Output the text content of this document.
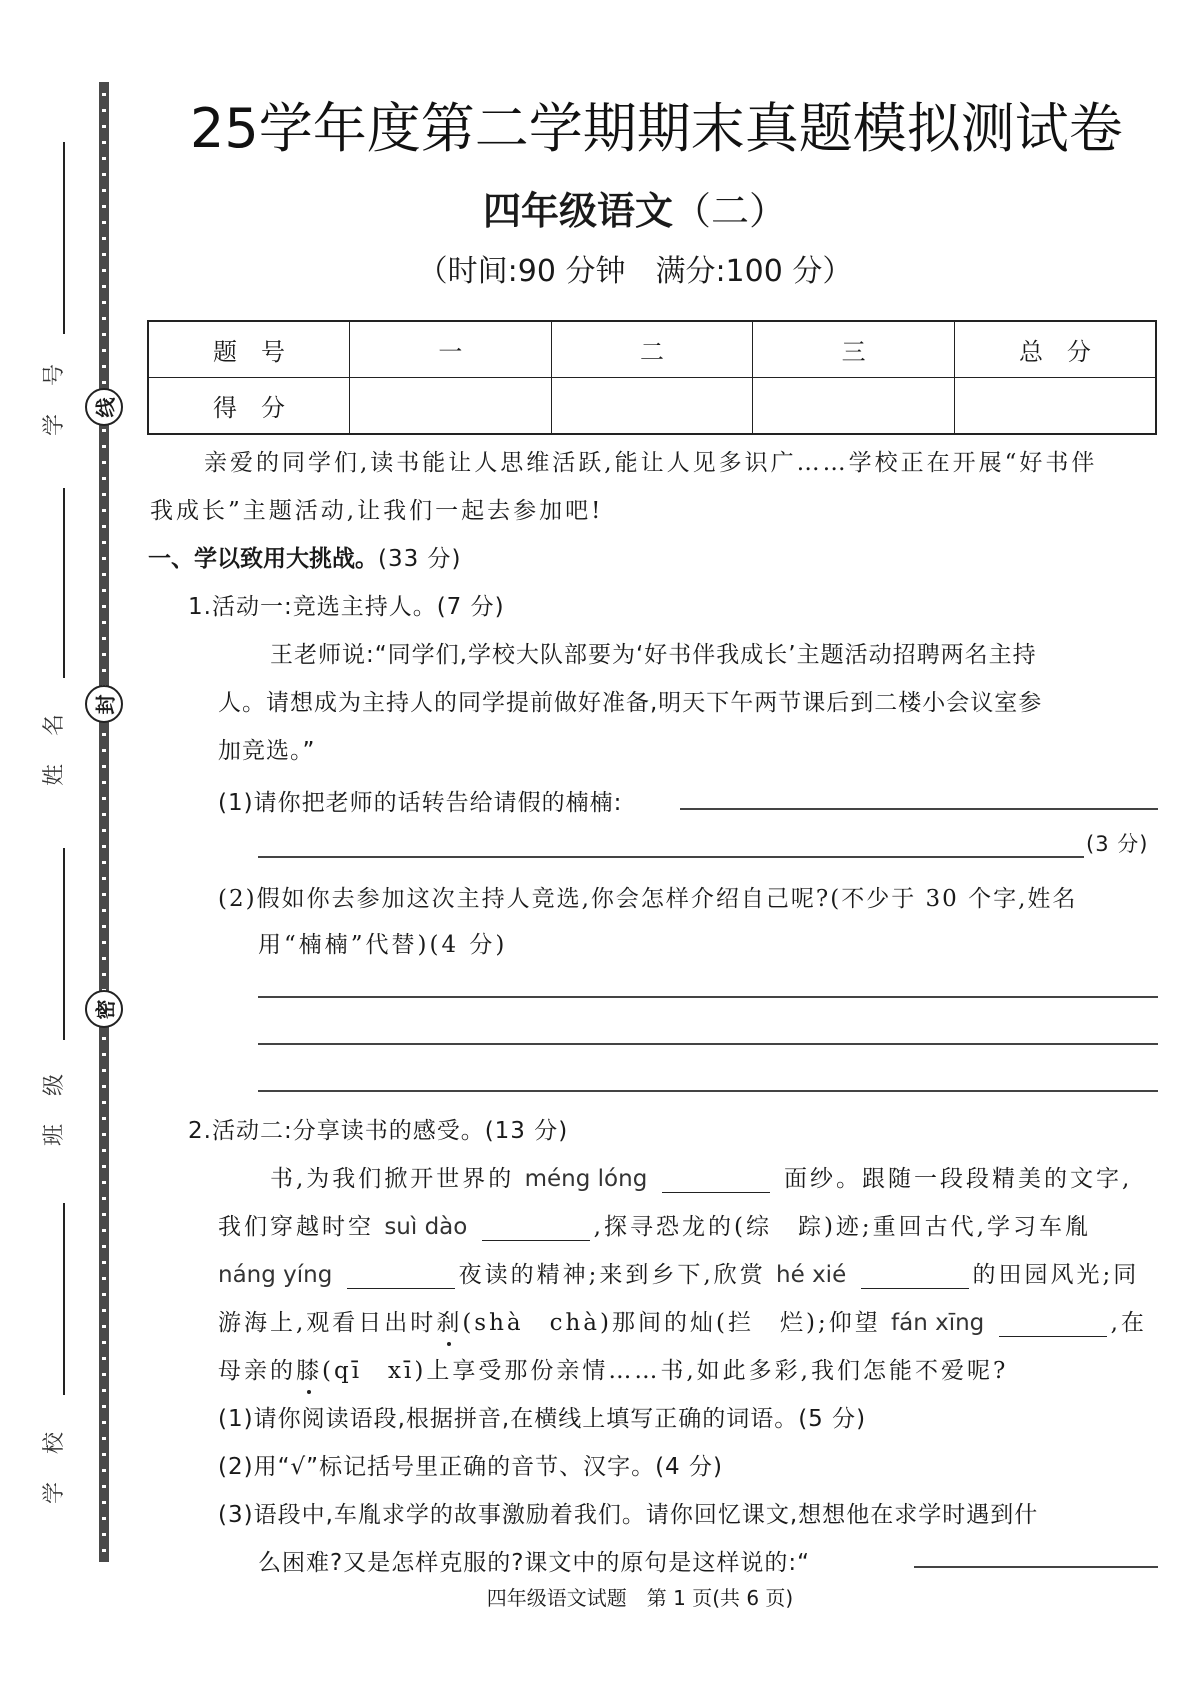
线
封
密
号
学
名
姓
级
班
校
学
25学年度第二学期期末真题模拟测试卷
四年级语文（二）
（时间:90 分钟　满分:100 分）
题　号	一	二	三	总　分
得　分				
亲爱的同学们,读书能让人思维活跃,能让人见多识广……学校正在开展“好书伴
我成长”主题活动,让我们一起去参加吧!
一、学以致用大挑战。(33 分)
1.活动一:竞选主持人。(7 分)
王老师说:“同学们,学校大队部要为‘好书伴我成长’主题活动招聘两名主持
人。请想成为主持人的同学提前做好准备,明天下午两节课后到二楼小会议室参
加竞选。”
(1)请你把老师的话转告给请假的楠楠:
(3 分)
(2)假如你去参加这次主持人竞选,你会怎样介绍自己呢?(不少于 30 个字,姓名
用“楠楠”代替)(4 分)
2.活动二:分享读书的感受。(13 分)
书,为我们掀开世界的 méng lóng	面纱。跟随一段段精美的文字,
我们穿越时空 suì dào	,探寻恐龙的(综　踪)迹;重回古代,学习车胤
náng yíng	夜读的精神;来到乡下,欣赏 hé xié	的田园风光;同
游海上,观看日出时刹(shà　chà)那间的灿(拦　烂);仰望 fán xīng	,在
母亲的膝(qī　xī)上享受那份亲情……书,如此多彩,我们怎能不爱呢?
(1)请你阅读语段,根据拼音,在横线上填写正确的词语。(5 分)
(2)用“√”标记括号里正确的音节、汉字。(4 分)
(3)语段中,车胤求学的故事激励着我们。请你回忆课文,想想他在求学时遇到什
么困难?又是怎样克服的?课文中的原句是这样说的:“
四年级语文试题　第 1 页(共 6 页)
